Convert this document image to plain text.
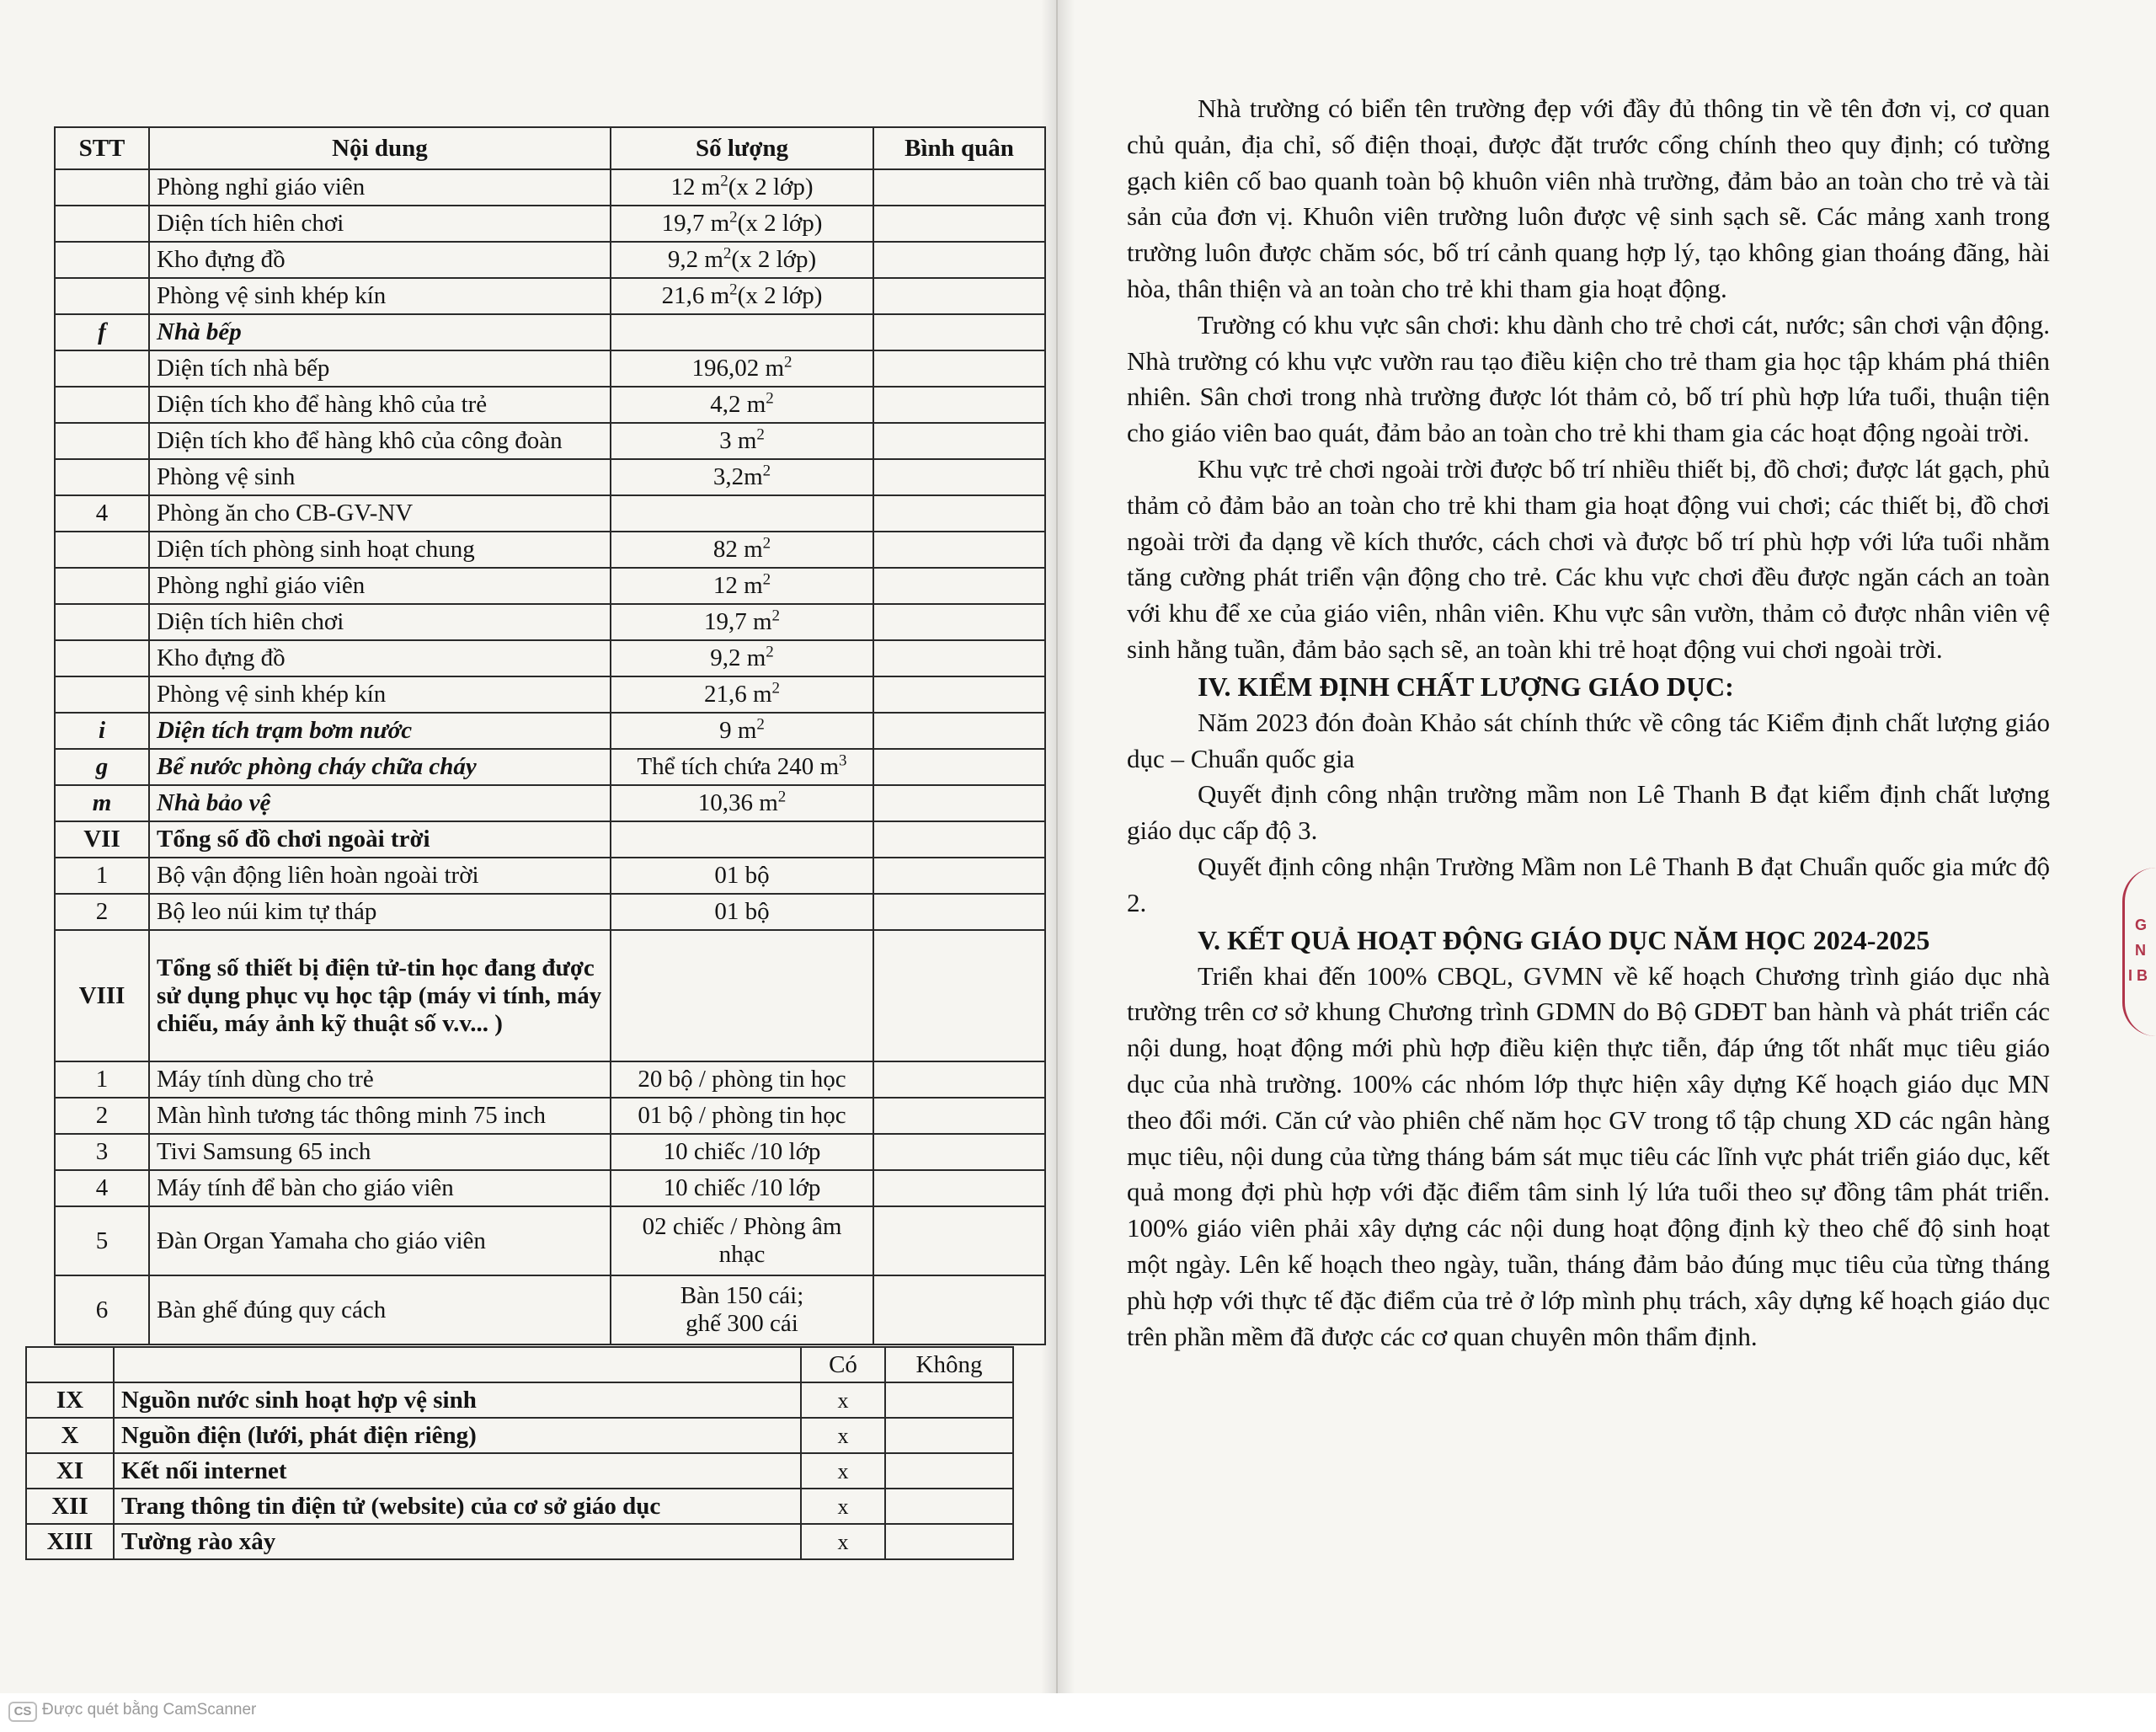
STT	Nội dung	Số lượng	Bình quân
	Phòng nghỉ giáo viên	12 $m^2(x$ 2 lớp)	
	Diện tích hiên chơi	19,7 $m^2(x$ 2 lớp)	
	Kho đựng đồ	9,2 $m^2(x$ 2 lớp)	
	Phòng vệ sinh khép kín	21,6 $m^2(x$ 2 lớp)	
f	Nhà bếp		
	Diện tích nhà bếp	196,02 $m^2$	
	Diện tích kho để hàng khô của trẻ	4,2 $m^2$	
	Diện tích kho để hàng khô của công đoàn	3 $m^2$	
	Phòng vệ sinh	$3,2m^2$	
4	Phòng ăn cho CB-GV-NV		
	Diện tích phòng sinh hoạt chung	82 $m^2$	
	Phòng nghỉ giáo viên	12 $m^2$	
	Diện tích hiên chơi	19,7 $m^2$	
	Kho đựng đồ	9,2 $m^2$	
	Phòng vệ sinh khép kín	21,6 $m^2$	
i	Diện tích trạm bơm nước	9 $m^2$	
g	Bể nước phòng cháy chữa cháy	Thể tích chứa 240 $m^3$	
m	Nhà bảo vệ	10,36 $m^2$	
VII	Tổng số đồ chơi ngoài trời		
1	Bộ vận động liên hoàn ngoài trời	01 bộ	
2	Bộ leo núi kim tự tháp	01 bộ	
VIII	Tổng số thiết bị điện tử-tin học đang được sử dụng phục vụ học tập (máy vi tính, máy chiếu, máy ảnh kỹ thuật số v.v... )		
1	Máy tính dùng cho trẻ	20 bộ / phòng tin học	
2	Màn hình tương tác thông minh 75 inch	01 bộ / phòng tin học	
3	Tivi Samsung 65 inch	10 chiếc /10 lớp	
4	Máy tính để bàn cho giáo viên	10 chiếc /10 lớp	
5	Đàn Organ Yamaha cho giáo viên	02 chiếc / Phòng âm
nhạc	

6	Bàn ghế đúng quy cách	Bàn 150 cái;
ghế 300 cái	

		Có	Không
IX	Nguồn nước sinh hoạt hợp vệ sinh	x	
X	Nguồn điện (lưới, phát điện riêng)	x	
XI	Kết nối internet	x	
XII	Trang thông tin điện tử (website) của cơ sở giáo dục	x	
XIII	Tường rào xây	x	

Nhà trường có biển tên trường đẹp với đầy đủ thông tin về tên đơn vị, cơ quan chủ quản, địa chỉ, số điện thoại, được đặt trước cổng chính theo quy định; có tường gạch kiên cố bao quanh toàn bộ khuôn viên nhà trường, đảm bảo an toàn cho trẻ và tài sản của đơn vị. Khuôn viên trường luôn được vệ sinh sạch sẽ. Các mảng xanh trong trường luôn được chăm sóc, bố trí cảnh quang hợp lý, tạo không gian thoáng đãng, hài hòa, thân thiện và an toàn cho trẻ khi tham gia hoạt động.

Trường có khu vực sân chơi: khu dành cho trẻ chơi cát, nước; sân chơi vận động. Nhà trường có khu vực vườn rau tạo điều kiện cho trẻ tham gia học tập khám phá thiên nhiên. Sân chơi trong nhà trường được lót thảm cỏ, bố trí phù hợp lứa tuổi, thuận tiện cho giáo viên bao quát, đảm bảo an toàn cho trẻ khi tham gia các hoạt động ngoài trời.

Khu vực trẻ chơi ngoài trời được bố trí nhiều thiết bị, đồ chơi; được lát gạch, phủ thảm cỏ đảm bảo an toàn cho trẻ khi tham gia hoạt động vui chơi; các thiết bị, đồ chơi ngoài trời đa dạng về kích thước, cách chơi và được bố trí phù hợp với lứa tuổi nhằm tăng cường phát triển vận động cho trẻ. Các khu vực chơi đều được ngăn cách an toàn với khu để xe của giáo viên, nhân viên. Khu vực sân vườn, thảm cỏ được nhân viên vệ sinh hằng tuần, đảm bảo sạch sẽ, an toàn khi trẻ hoạt động vui chơi ngoài trời.

IV. KIỂM ĐỊNH CHẤT LƯỢNG GIÁO DỤC:

Năm 2023 đón đoàn Khảo sát chính thức về công tác Kiểm định chất lượng giáo dục – Chuẩn quốc gia

Quyết định công nhận trường mầm non Lê Thanh B đạt kiểm định chất lượng giáo dục cấp độ 3.

Quyết định công nhận Trường Mầm non Lê Thanh B đạt Chuẩn quốc gia mức độ 2.

V. KẾT QUẢ HOẠT ĐỘNG GIÁO DỤC NĂM HỌC 2024-2025

Triển khai đến 100% CBQL, GVMN về kế hoạch Chương trình giáo dục nhà trường trên cơ sở khung Chương trình GDMN do Bộ GDĐT ban hành và phát triển các nội dung, hoạt động mới phù hợp điều kiện thực tiễn, đáp ứng tốt nhất mục tiêu giáo dục của nhà trường. 100% các nhóm lớp thực hiện xây dựng Kế hoạch giáo dục MN theo đổi mới. Căn cứ vào phiên chế năm học GV trong tổ tập chung XD các ngân hàng mục tiêu, nội dung của từng tháng bám sát mục tiêu các lĩnh vực phát triển giáo dục, kết quả mong đợi phù hợp với đặc điểm tâm sinh lý lứa tuổi theo sự đồng tâm phát triển. 100% giáo viên phải xây dựng các nội dung hoạt động định kỳ theo chế độ sinh hoạt một ngày. Lên kế hoạch theo ngày, tuần, tháng đảm bảo đúng mục tiêu của từng tháng phù hợp với thực tế đặc điểm của trẻ ở lớp mình phụ trách, xây dựng kế hoạch giáo dục trên phần mềm đã được các cơ quan chuyên môn thẩm định.

G
N
I B
CS Được quét bằng CamScanner
